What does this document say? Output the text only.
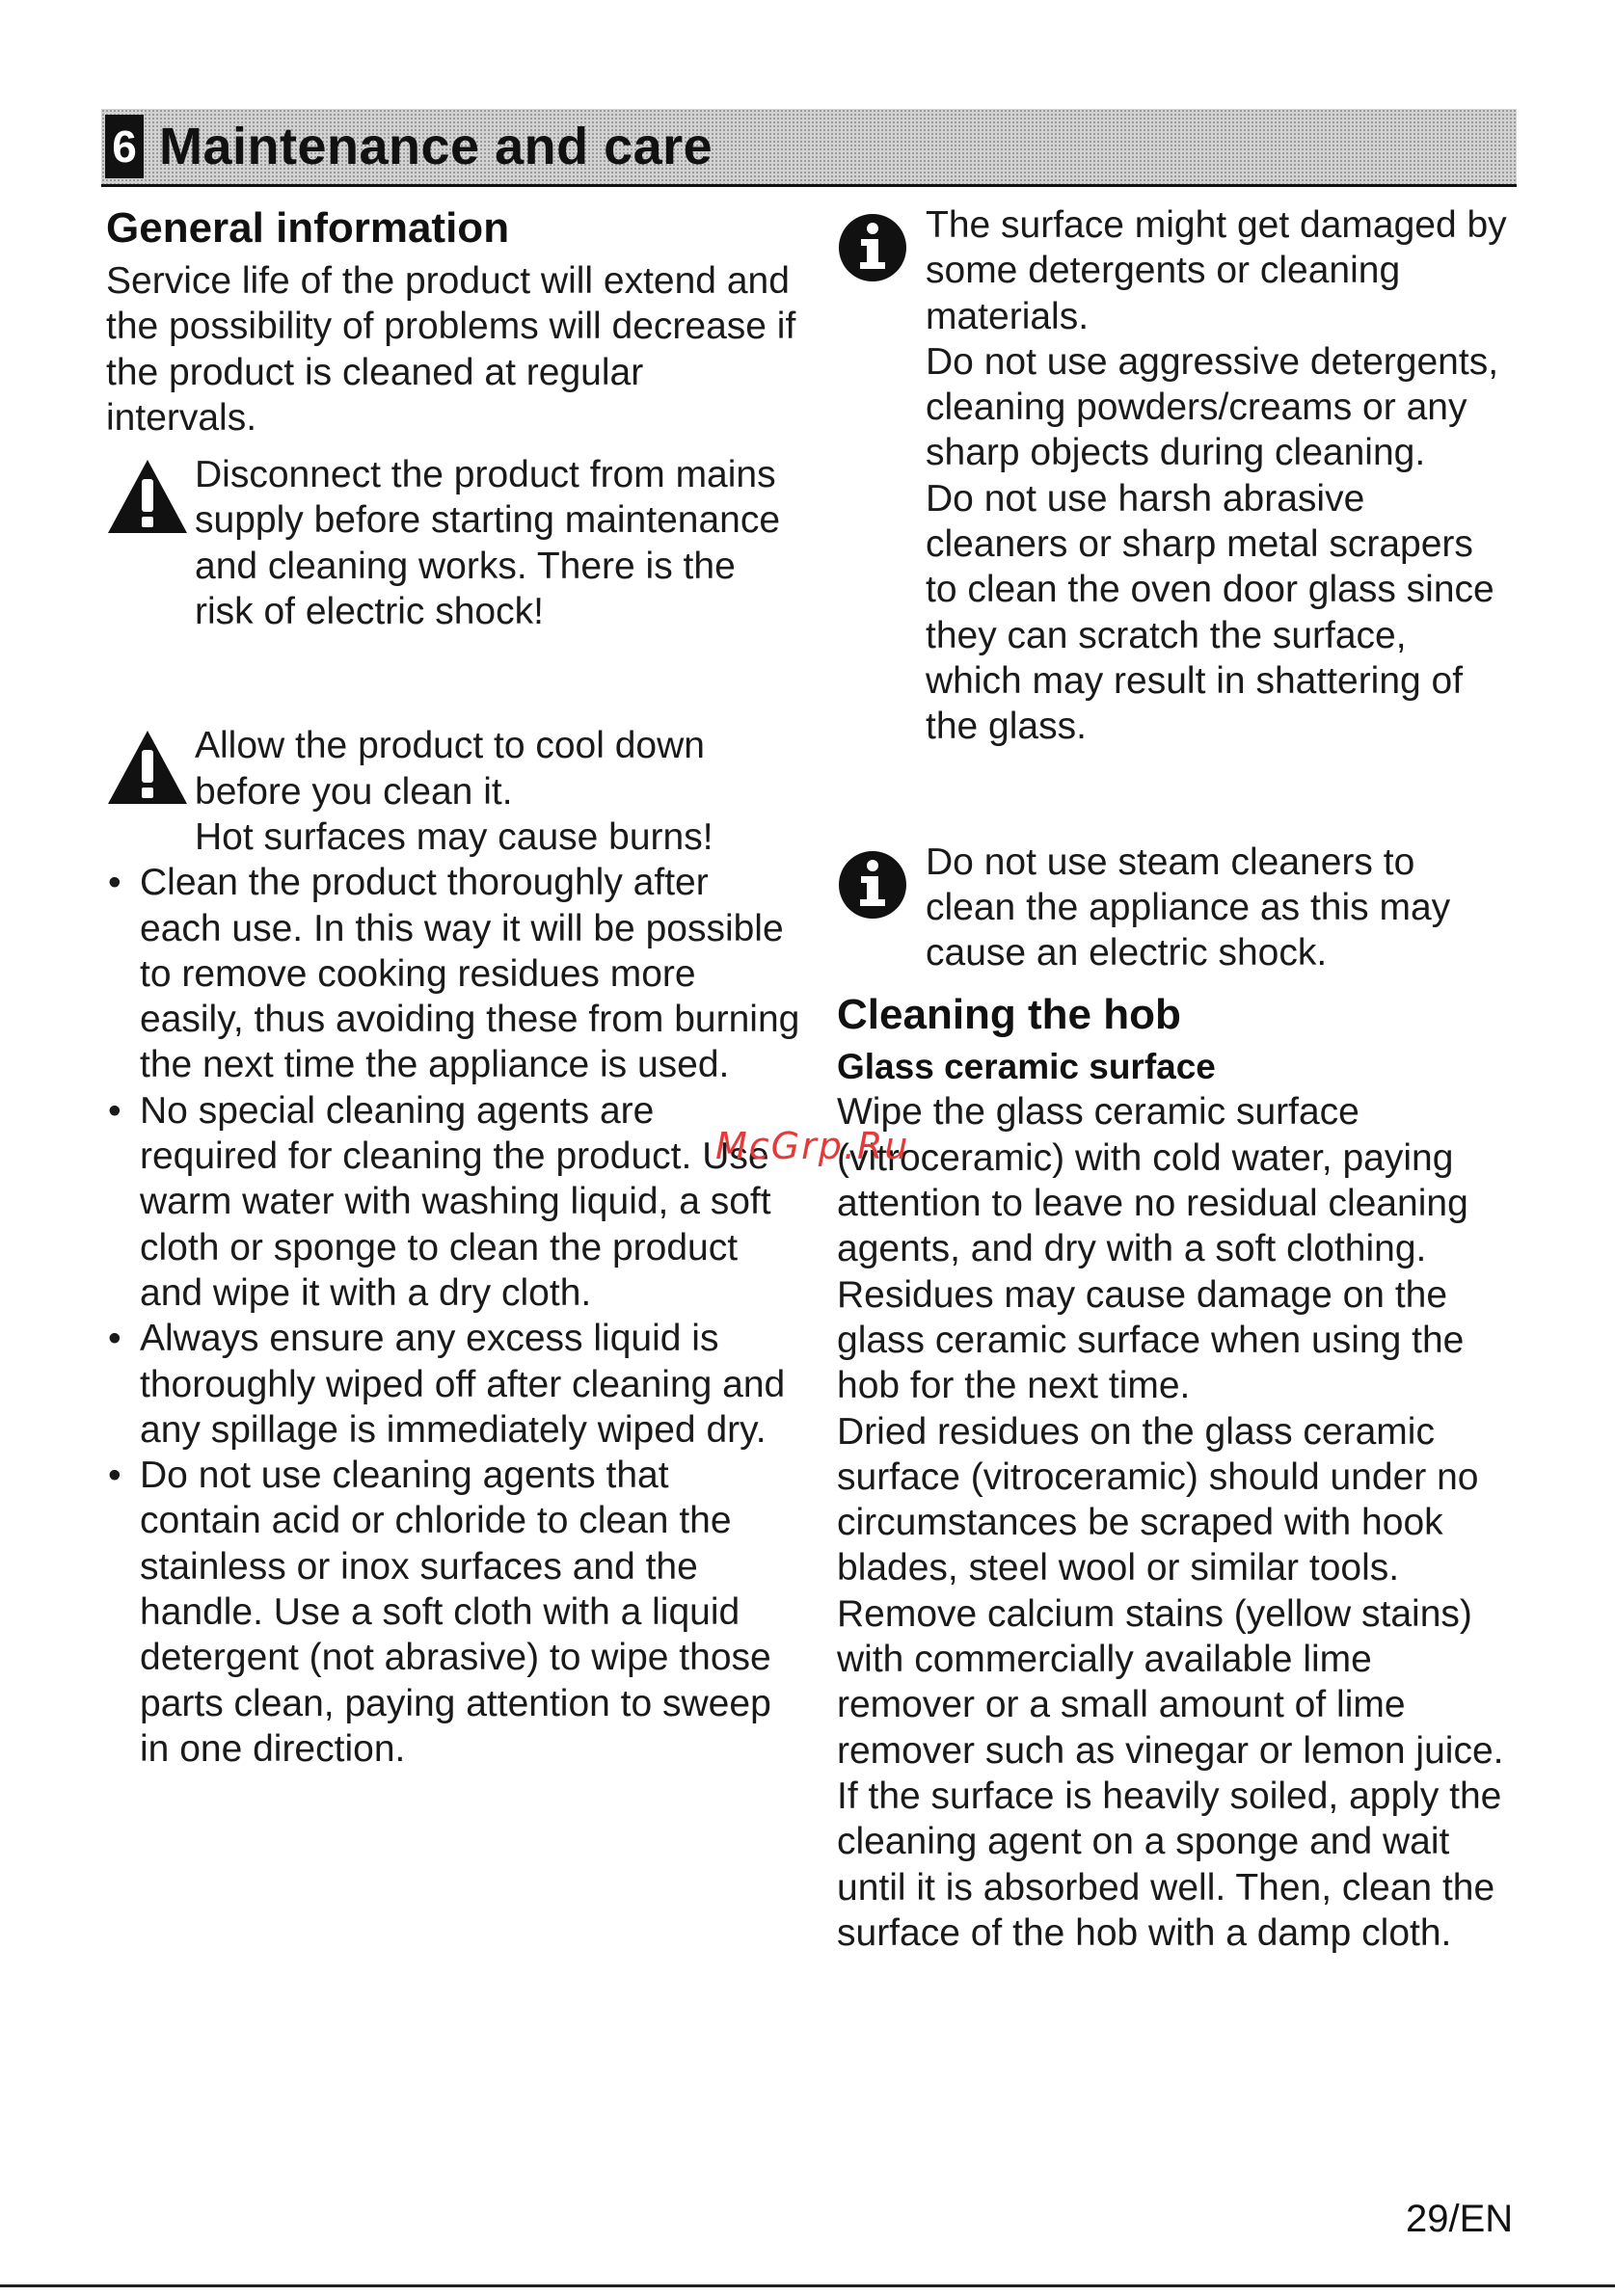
6 Maintenance and care
General information

Service life of the product will extend and the possibility of problems will decrease if the product is cleaned at regular intervals.

Disconnect the product from mains supply before starting maintenance and cleaning works. There is the risk of electric shock!

Allow the product to cool down before you clean it.

Hot surfaces may cause burns!

• Clean the product thoroughly after each use. In this way it will be possible to remove cooking residues more easily, thus avoiding these from burning the next time the appliance is used.
• No special cleaning agents are required for cleaning the product. Use warm water with washing liquid, a soft cloth or sponge to clean the product and wipe it with a dry cloth.
• Always ensure any excess liquid is thoroughly wiped off after cleaning and any spillage is immediately wiped dry.
• Do not use cleaning agents that contain acid or chloride to clean the stainless or inox surfaces and the handle. Use a soft cloth with a liquid detergent (not abrasive) to wipe those parts clean, paying attention to sweep in one direction.

The surface might get damaged by some detergents or cleaning materials.

Do not use aggressive detergents, cleaning powders/creams or any sharp objects during cleaning.

Do not use harsh abrasive cleaners or sharp metal scrapers to clean the oven door glass since they can scratch the surface, which may result in shattering of the glass.

Do not use steam cleaners to clean the appliance as this may cause an electric shock.

Cleaning the hob
Glass ceramic surface

Wipe the glass ceramic surface (vitroceramic) with cold water, paying attention to leave no residual cleaning agents, and dry with a soft clothing. Residues may cause damage on the glass ceramic surface when using the hob for the next time.

Dried residues on the glass ceramic surface (vitroceramic) should under no circumstances be scraped with hook blades, steel wool or similar tools.

Remove calcium stains (yellow stains) with commercially available lime remover or a small amount of lime remover such as vinegar or lemon juice.

If the surface is heavily soiled, apply the cleaning agent on a sponge and wait until it is absorbed well. Then, clean the surface of the hob with a damp cloth.

McGrp.Ru
29/EN
